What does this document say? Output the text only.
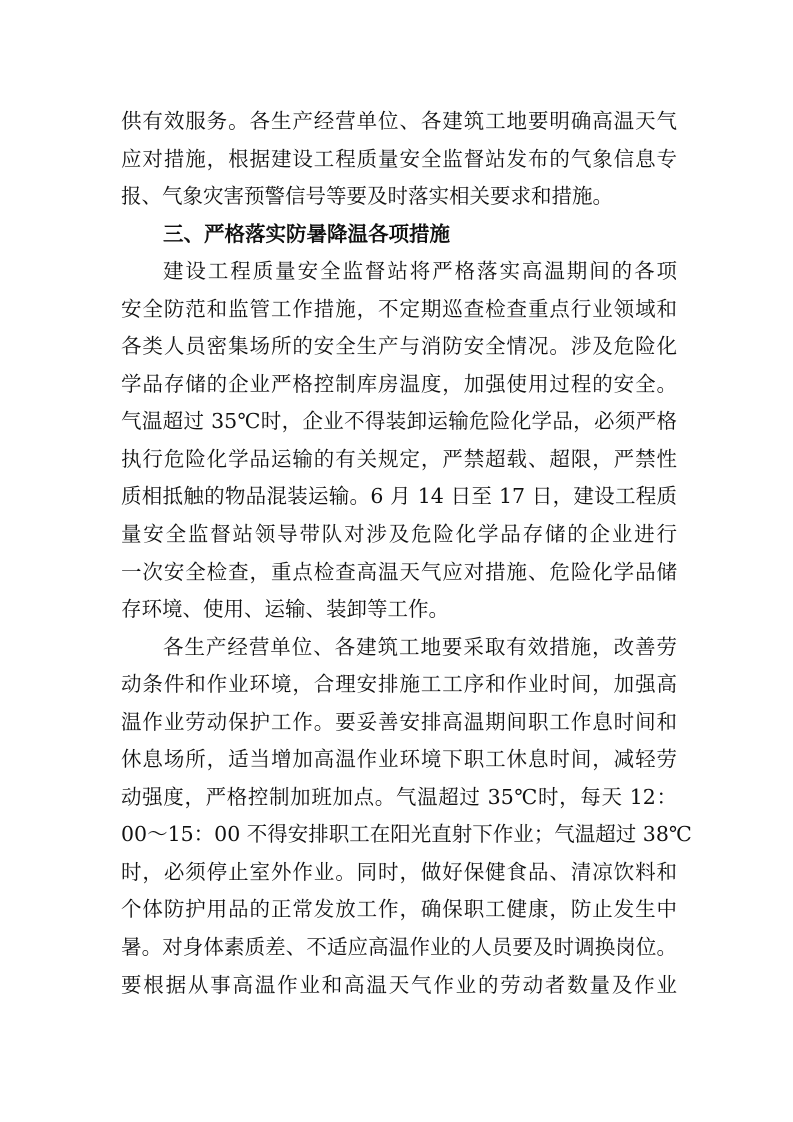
供有效服务。各生产经营单位、各建筑工地要明确高温天气
应对措施，根据建设工程质量安全监督站发布的气象信息专
报、气象灾害预警信号等要及时落实相关要求和措施。
三、严格落实防暑降温各项措施
建设工程质量安全监督站将严格落实高温期间的各项
安全防范和监管工作措施，不定期巡查检查重点行业领域和
各类人员密集场所的安全生产与消防安全情况。涉及危险化
学品存储的企业严格控制库房温度，加强使用过程的安全。
气温超过 35℃时，企业不得装卸运输危险化学品，必须严格
执行危险化学品运输的有关规定，严禁超载、超限，严禁性
质相抵触的物品混装运输。6 月 14 日至 17 日，建设工程质
量安全监督站领导带队对涉及危险化学品存储的企业进行
一次安全检查，重点检查高温天气应对措施、危险化学品储
存环境、使用、运输、装卸等工作。
各生产经营单位、各建筑工地要采取有效措施，改善劳
动条件和作业环境，合理安排施工工序和作业时间，加强高
温作业劳动保护工作。要妥善安排高温期间职工作息时间和
休息场所，适当增加高温作业环境下职工休息时间，减轻劳
动强度，严格控制加班加点。气温超过 35℃时，每天 12：
00～15：00 不得安排职工在阳光直射下作业；气温超过 38℃
时，必须停止室外作业。同时，做好保健食品、清凉饮料和
个体防护用品的正常发放工作，确保职工健康，防止发生中
暑。对身体素质差、不适应高温作业的人员要及时调换岗位。
要根据从事高温作业和高温天气作业的劳动者数量及作业
